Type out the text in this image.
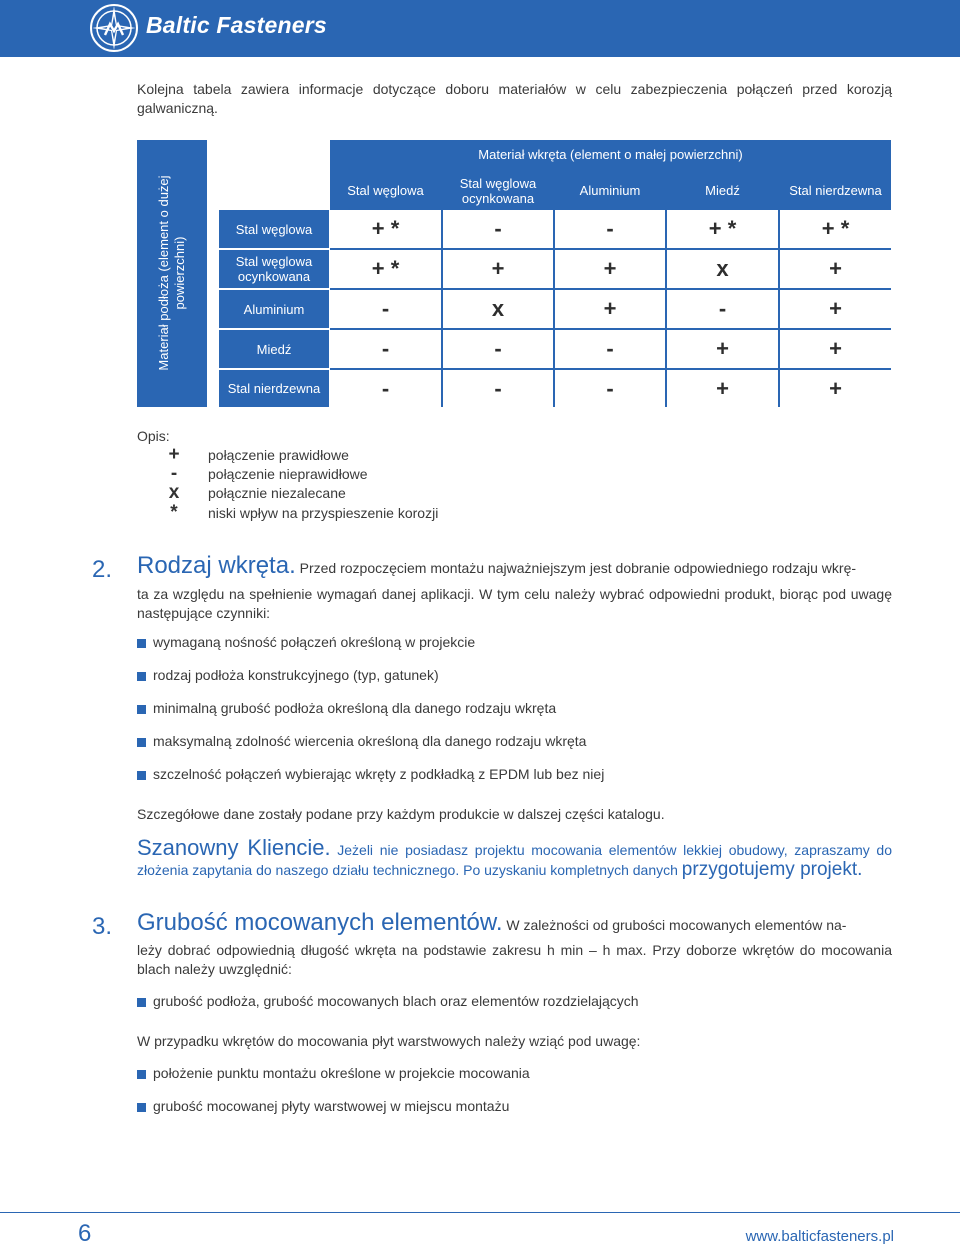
Baltic Fasteners
Kolejna tabela zawiera informacje dotyczące doboru materiałów w celu zabezpieczenia połączeń przed korozją galwaniczną.
Materiał podłoża (element o dużej powierzchni)
Materiał wkręta (element o małej powierzchni)
Stal węglowa	Stal węglowa ocynkowana	Aluminium	Miedź	Stal nierdzewna
Stal węglowa	+ *	-	-	+ *	+ *
Stal węglowa ocynkowana	+ *	+	+	x	+
Aluminium	-	x	+	-	+
Miedź	-	-	-	+	+
Stal nierdzewna	-	-	-	+	+
Opis:
+	połączenie prawidłowe
-	połączenie nieprawidłowe
x	połącznie niezalecane
*	niski wpływ na przyspieszenie korozji
2. Rodzaj wkręta. Przed rozpoczęciem montażu najważniejszym jest dobranie odpowiedniego rodzaju wkrę-
ta za względu na spełnienie wymagań danej aplikacji. W tym celu należy wybrać odpowiedni produkt, biorąc pod uwagę następujące czynniki:
wymaganą nośność połączeń określoną w projekcie
rodzaj podłoża konstrukcyjnego (typ, gatunek)
minimalną grubość podłoża określoną dla danego rodzaju wkręta
maksymalną zdolność wiercenia określoną dla danego rodzaju wkręta
szczelność połączeń wybierając wkręty z podkładką z EPDM lub bez niej
Szczegółowe dane zostały podane przy każdym produkcie w dalszej części katalogu.
Szanowny Kliencie. Jeżeli nie posiadasz projektu mocowania elementów lekkiej obudowy, zapraszamy do złożenia zapytania do naszego działu technicznego. Po uzyskaniu kompletnych danych przygotujemy projekt.
3. Grubość mocowanych elementów. W zależności od grubości mocowanych elementów na-
leży dobrać odpowiednią długość wkręta na podstawie zakresu h min – h max. Przy doborze wkrętów do mocowania blach należy uwzględnić:
grubość podłoża, grubość mocowanych blach oraz elementów rozdzielających
W przypadku wkrętów do mocowania płyt warstwowych należy wziąć pod uwagę:
położenie punktu montażu określone w projekcie mocowania
grubość mocowanej płyty warstwowej w miejscu montażu
6	www.balticfasteners.pl
